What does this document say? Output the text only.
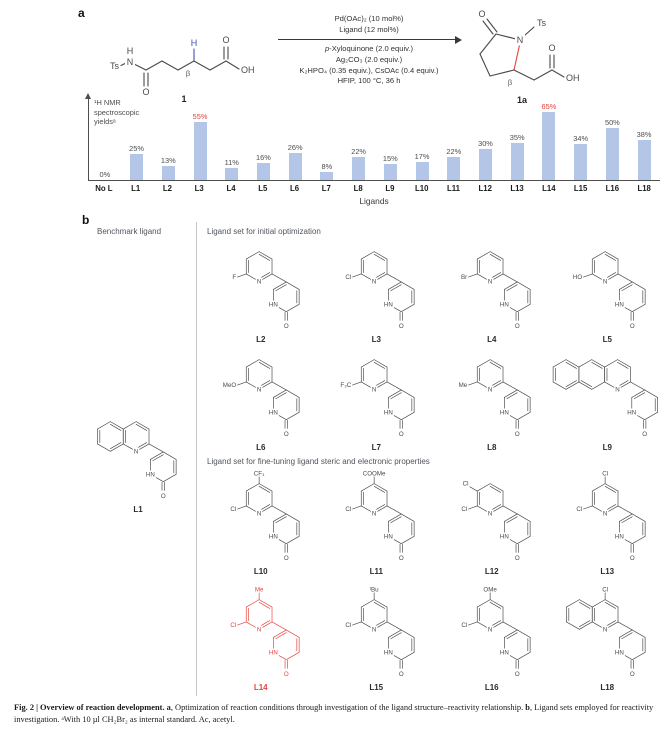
a
Ts N
H
H
β
O
O
OH
1
Pd(OAc)₂ (10 mol%)
Ligand (12 mol%)
p-Xyloquinone (2.0 equiv.)
Ag₂CO₃ (2.0 equiv.)
K₂HPO₄ (0.35 equiv.), CsOAc (0.4 equiv.)
HFIP, 100 °C, 36 h
O
N
Ts
β
O
OH
1a
¹H NMR
spectroscopic
yieldsᵃ
0%
25%
13%
55%
11%
16%
26%
8%
22%
15% 17%
22%
30%
35%
65%
34%
50%
38%
No L	L1	L2	L3	L4	L5	L6	L7	L8	L9	L10	L11	L12	L13	L14	L15	L16	L18
Ligands
b
Benchmark ligand	Ligand set for initial optimization
Ligand set for fine-tuning ligand steric and electronic properties
N
HN
O
L1
F
N
HN
O
L2
Cl
N
HN
O
L3
Br
N
HN
O
L4
HO
N
HN
O
L5
MeO
N
HN
O
L6
F₃C
N
HN
O
L7
Me
N
HN
O
L8
N
HN
O
L9
Cl
CF₃
N
HN
O
L10
Cl
COOMe
N
HN
O
L11
Cl
Cl
N
HN
O
L12
Cl
Cl
N
HN
O
L13
Cl
Me
N
HN
O
L14
Cl
ᵗBu
N
HN
O
L15
Cl
OMe
N
HN
O
L16
Cl
N
HN
O
L18
Fig. 2 | Overview of reaction development. a, Optimization of reaction conditions through investigation of the ligand structure–reactivity relationship. b, Ligand sets employed for reactivity investigation. ᵃWith 10 µl CH₂Br₂ as internal standard. Ac, acetyl.
